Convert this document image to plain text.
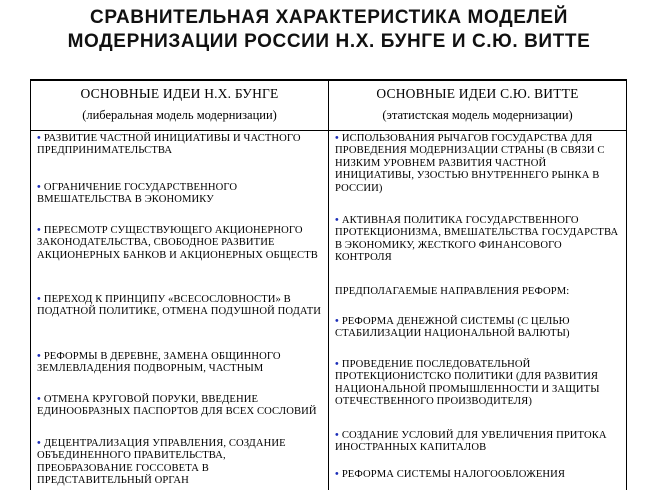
СРАВНИТЕЛЬНАЯ ХАРАКТЕРИСТИКА МОДЕЛЕЙ
МОДЕРНИЗАЦИИ РОССИИ Н.Х. БУНГЕ И С.Ю. ВИТТЕ
ОСНОВНЫЕ ИДЕИ Н.Х. БУНГЕ
(либеральная модель модернизации)
ОСНОВНЫЕ ИДЕИ С.Ю. ВИТТЕ
(этатистская модель модернизации)
• РАЗВИТИЕ ЧАСТНОЙ ИНИЦИАТИВЫ И ЧАСТНОГО ПРЕДПРИНИМАТЕЛЬСТВА
• ОГРАНИЧЕНИЕ ГОСУДАРСТВЕННОГО ВМЕШАТЕЛЬСТВА В ЭКОНОМИКУ
• ПЕРЕСМОТР СУЩЕСТВУЮЩЕГО АКЦИОНЕРНОГО ЗАКОНОДАТЕЛЬСТВА, СВОБОДНОЕ РАЗВИТИЕ АКЦИОНЕРНЫХ БАНКОВ И АКЦИОНЕРНЫХ ОБЩЕСТВ
• ПЕРЕХОД К ПРИНЦИПУ «ВСЕСОСЛОВНОСТИ» В ПОДАТНОЙ ПОЛИТИКЕ, ОТМЕНА ПОДУШНОЙ ПОДАТИ
• РЕФОРМЫ В ДЕРЕВНЕ, ЗАМЕНА ОБЩИННОГО ЗЕМЛЕВЛАДЕНИЯ ПОДВОРНЫМ, ЧАСТНЫМ
• ОТМЕНА КРУГОВОЙ ПОРУКИ, ВВЕДЕНИЕ ЕДИНООБРАЗНЫХ ПАСПОРТОВ ДЛЯ ВСЕХ СОСЛОВИЙ
• ДЕЦЕНТРАЛИЗАЦИЯ УПРАВЛЕНИЯ, СОЗДАНИЕ ОБЪЕДИНЕННОГО ПРАВИТЕЛЬСТВА, ПРЕОБРАЗОВАНИЕ ГОССОВЕТА В ПРЕДСТАВИТЕЛЬНЫЙ ОРГАН
• ИСПОЛЬЗОВАНИЯ РЫЧАГОВ ГОСУДАРСТВА ДЛЯ ПРОВЕДЕНИЯ МОДЕРНИЗАЦИИ СТРАНЫ (В СВЯЗИ С НИЗКИМ УРОВНЕМ РАЗВИТИЯ ЧАСТНОЙ ИНИЦИАТИВЫ, УЗОСТЬЮ ВНУТРЕННЕГО РЫНКА В РОССИИ)
• АКТИВНАЯ ПОЛИТИКА ГОСУДАРСТВЕННОГО ПРОТЕКЦИОНИЗМА, ВМЕШАТЕЛЬСТВА ГОСУДАРСТВА В ЭКОНОМИКУ, ЖЕСТКОГО ФИНАНСОВОГО КОНТРОЛЯ
ПРЕДПОЛАГАЕМЫЕ НАПРАВЛЕНИЯ РЕФОРМ:
• РЕФОРМА ДЕНЕЖНОЙ СИСТЕМЫ (С ЦЕЛЬЮ СТАБИЛИЗАЦИИ НАЦИОНАЛЬНОЙ ВАЛЮТЫ)
• ПРОВЕДЕНИЕ ПОСЛЕДОВАТЕЛЬНОЙ ПРОТЕКЦИОНИСТСКО ПОЛИТИКИ (ДЛЯ РАЗВИТИЯ НАЦИОНАЛЬНОЙ ПРОМЫШЛЕННОСТИ И ЗАЩИТЫ ОТЕЧЕСТВЕННОГО ПРОИЗВОДИТЕЛЯ)
• СОЗДАНИЕ УСЛОВИЙ ДЛЯ УВЕЛИЧЕНИЯ ПРИТОКА ИНОСТРАННЫХ КАПИТАЛОВ
• РЕФОРМА СИСТЕМЫ НАЛОГООБЛОЖЕНИЯ
